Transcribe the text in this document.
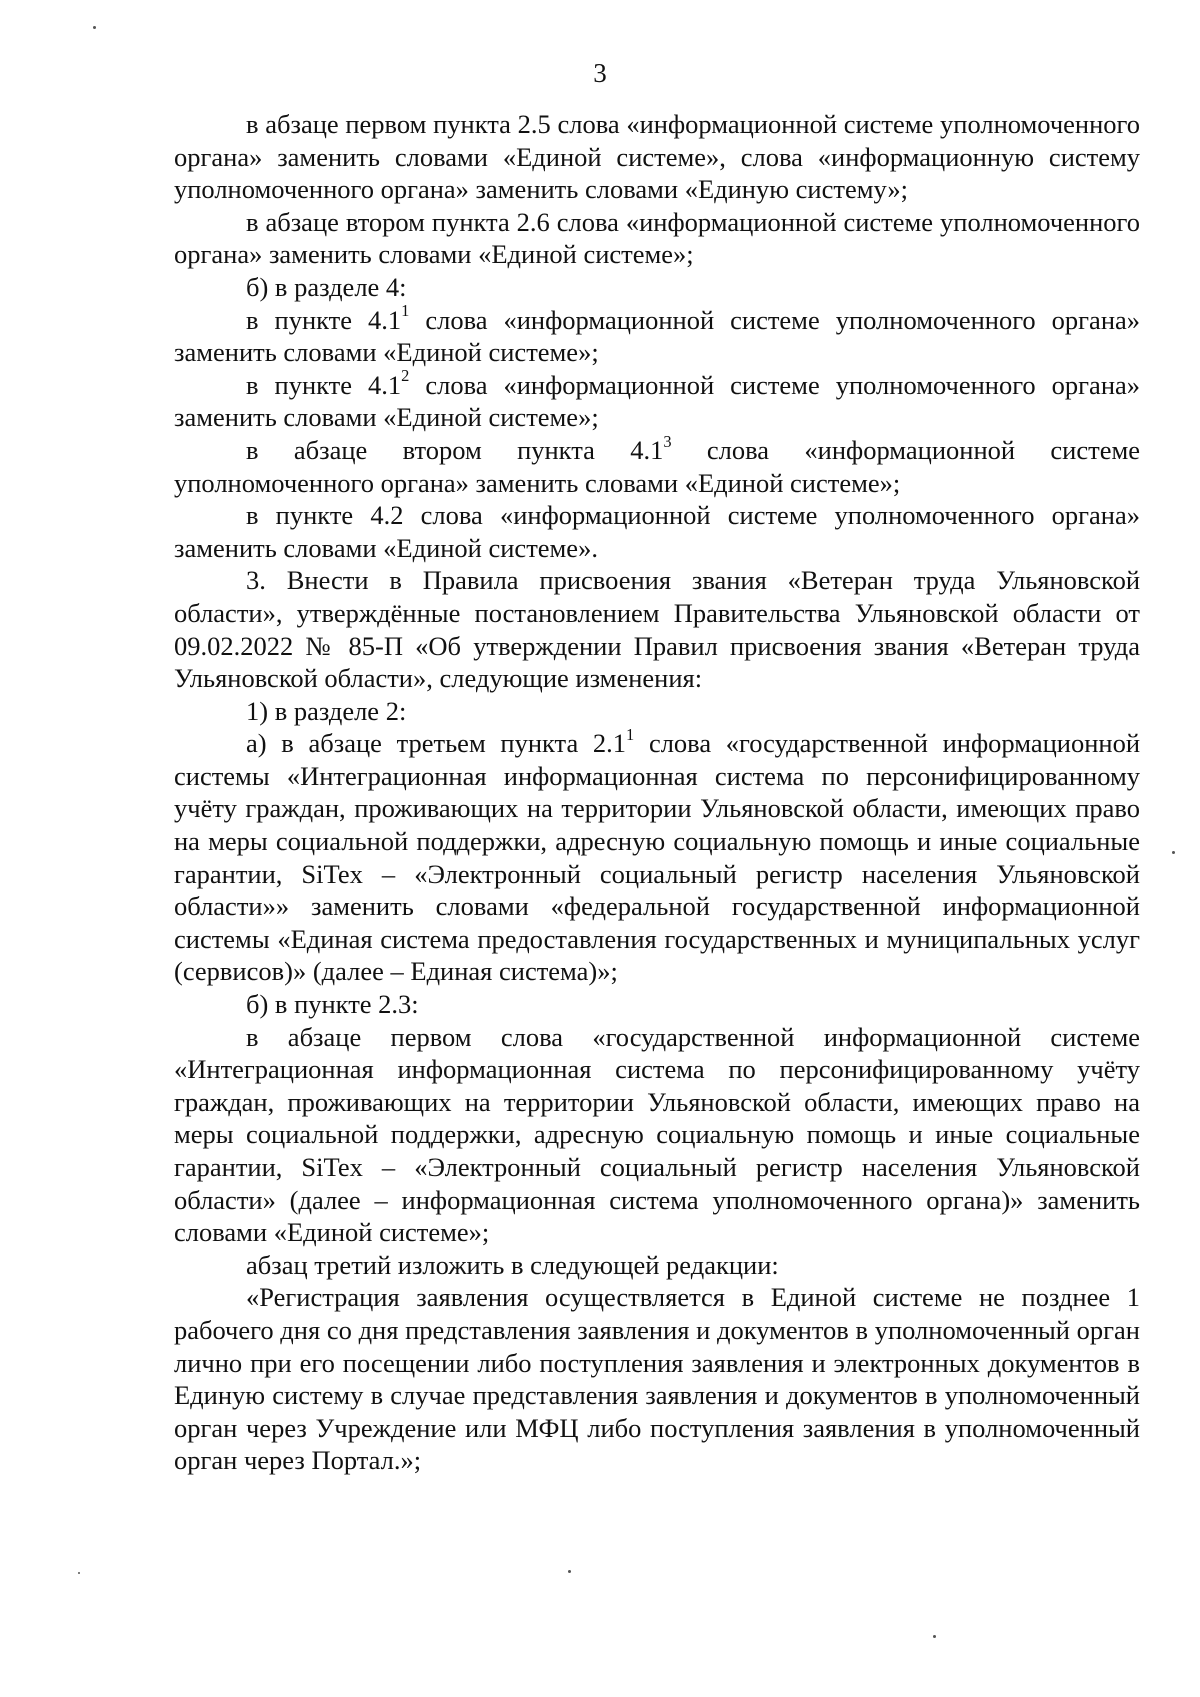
3

в абзаце первом пункта 2.5 слова «информационной системе уполномоченного органа» заменить словами «Единой системе», слова «информационную систему уполномоченного органа» заменить словами «Единую систему»;

в абзаце втором пункта 2.6 слова «информационной системе уполномоченного органа» заменить словами «Единой системе»;

б) в разделе 4:

в пункте $4.1^1$ слова «информационной системе уполномоченного органа» заменить словами «Единой системе»;

в пункте $4.1^2$ слова «информационной системе уполномоченного органа» заменить словами «Единой системе»;

в абзаце втором пункта $4.1^3$ слова «информационной системе уполномоченного органа» заменить словами «Единой системе»;

в пункте 4.2 слова «информационной системе уполномоченного органа» заменить словами «Единой системе».

3. Внести в Правила присвоения звания «Ветеран труда Ульяновской области», утверждённые постановлением Правительства Ульяновской области от 09.02.2022 № 85-П «Об утверждении Правил присвоения звания «Ветеран труда Ульяновской области», следующие изменения:

1) в разделе 2:

а) в абзаце третьем пункта $2.1^1$ слова «государственной информационной системы «Интеграционная информационная система по персонифицированному учёту граждан, проживающих на территории Ульяновской области, имеющих право на меры социальной поддержки, адресную социальную помощь и иные социальные гарантии, SiTex – «Электронный социальный регистр населения Ульяновской области»» заменить словами «федеральной государственной информационной системы «Единая система предоставления государственных и муниципальных услуг (сервисов)» (далее – Единая система)»;

б) в пункте 2.3:

в абзаце первом слова «государственной информационной системе «Интеграционная информационная система по персонифицированному учёту граждан, проживающих на территории Ульяновской области, имеющих право на меры социальной поддержки, адресную социальную помощь и иные социальные гарантии, SiTex – «Электронный социальный регистр населения Ульяновской области» (далее – информационная система уполномоченного органа)» заменить словами «Единой системе»;

абзац третий изложить в следующей редакции:

«Регистрация заявления осуществляется в Единой системе не позднее 1 рабочего дня со дня представления заявления и документов в уполномоченный орган лично при его посещении либо поступления заявления и электронных документов в Единую систему в случае представления заявления и документов в уполномоченный орган через Учреждение или МФЦ либо поступления заявления в уполномоченный орган через Портал.»;
